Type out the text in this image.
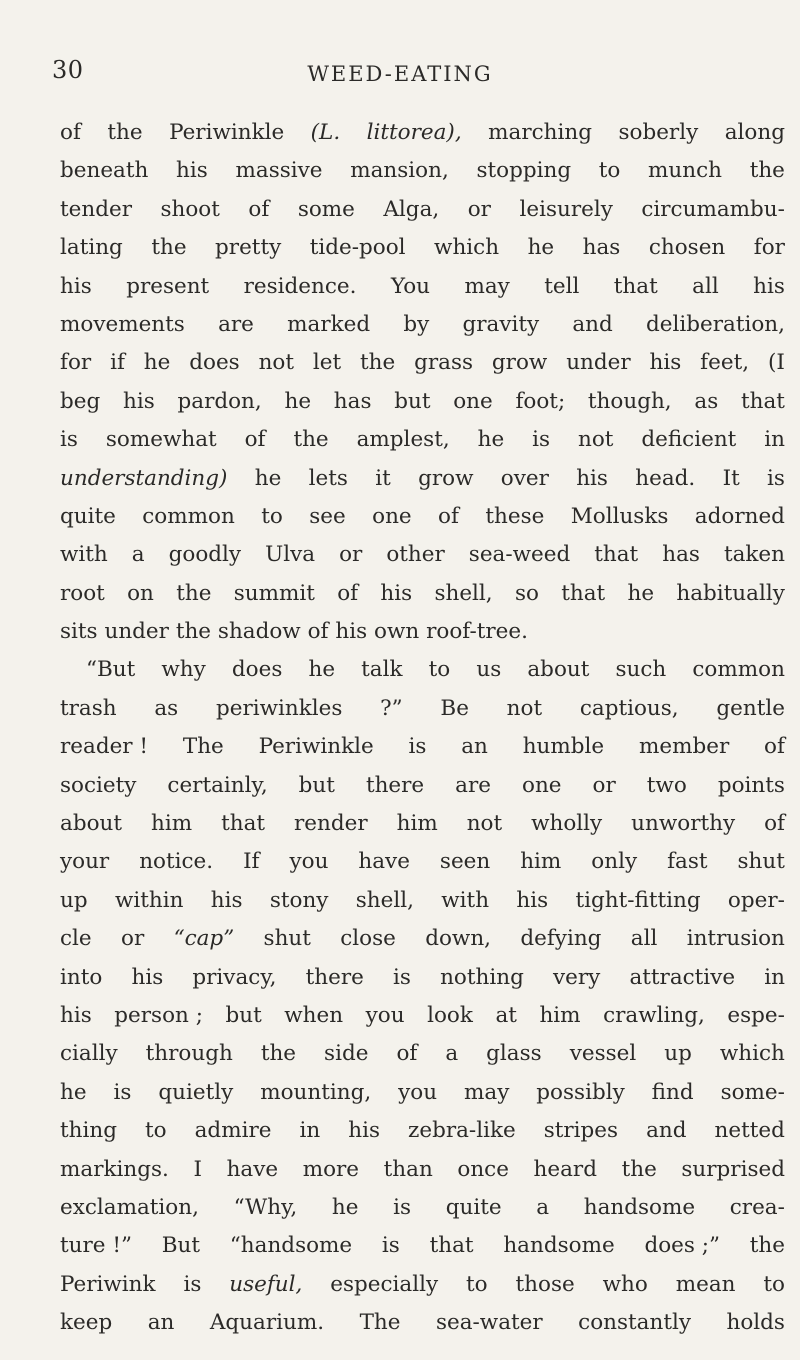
30	WEED-EATING
of the Periwinkle (L. littorea), marching soberly along
beneath his massive mansion, stopping to munch the
tender shoot of some Alga, or leisurely circumambu-
lating the pretty tide-pool which he has chosen for
his present residence. You may tell that all his
movements are marked by gravity and deliberation,
for if he does not let the grass grow under his feet, (I
beg his pardon, he has but one foot; though, as that
is somewhat of the amplest, he is not deficient in
understanding) he lets it grow over his head. It is
quite common to see one of these Mollusks adorned
with a goodly Ulva or other sea-weed that has taken
root on the summit of his shell, so that he habitually
sits under the shadow of his own roof-tree.
“But why does he talk to us about such common
trash as periwinkles ?” Be not captious, gentle
reader ! The Periwinkle is an humble member of
society certainly, but there are one or two points
about him that render him not wholly unworthy of
your notice. If you have seen him only fast shut
up within his stony shell, with his tight-fitting oper-
cle or “cap” shut close down, defying all intrusion
into his privacy, there is nothing very attractive in
his person ; but when you look at him crawling, espe-
cially through the side of a glass vessel up which
he is quietly mounting, you may possibly find some-
thing to admire in his zebra-like stripes and netted
markings. I have more than once heard the surprised
exclamation, “Why, he is quite a handsome crea-
ture !” But “handsome is that handsome does ;” the
Periwink is useful, especially to those who mean to
keep an Aquarium. The sea-water constantly holds
